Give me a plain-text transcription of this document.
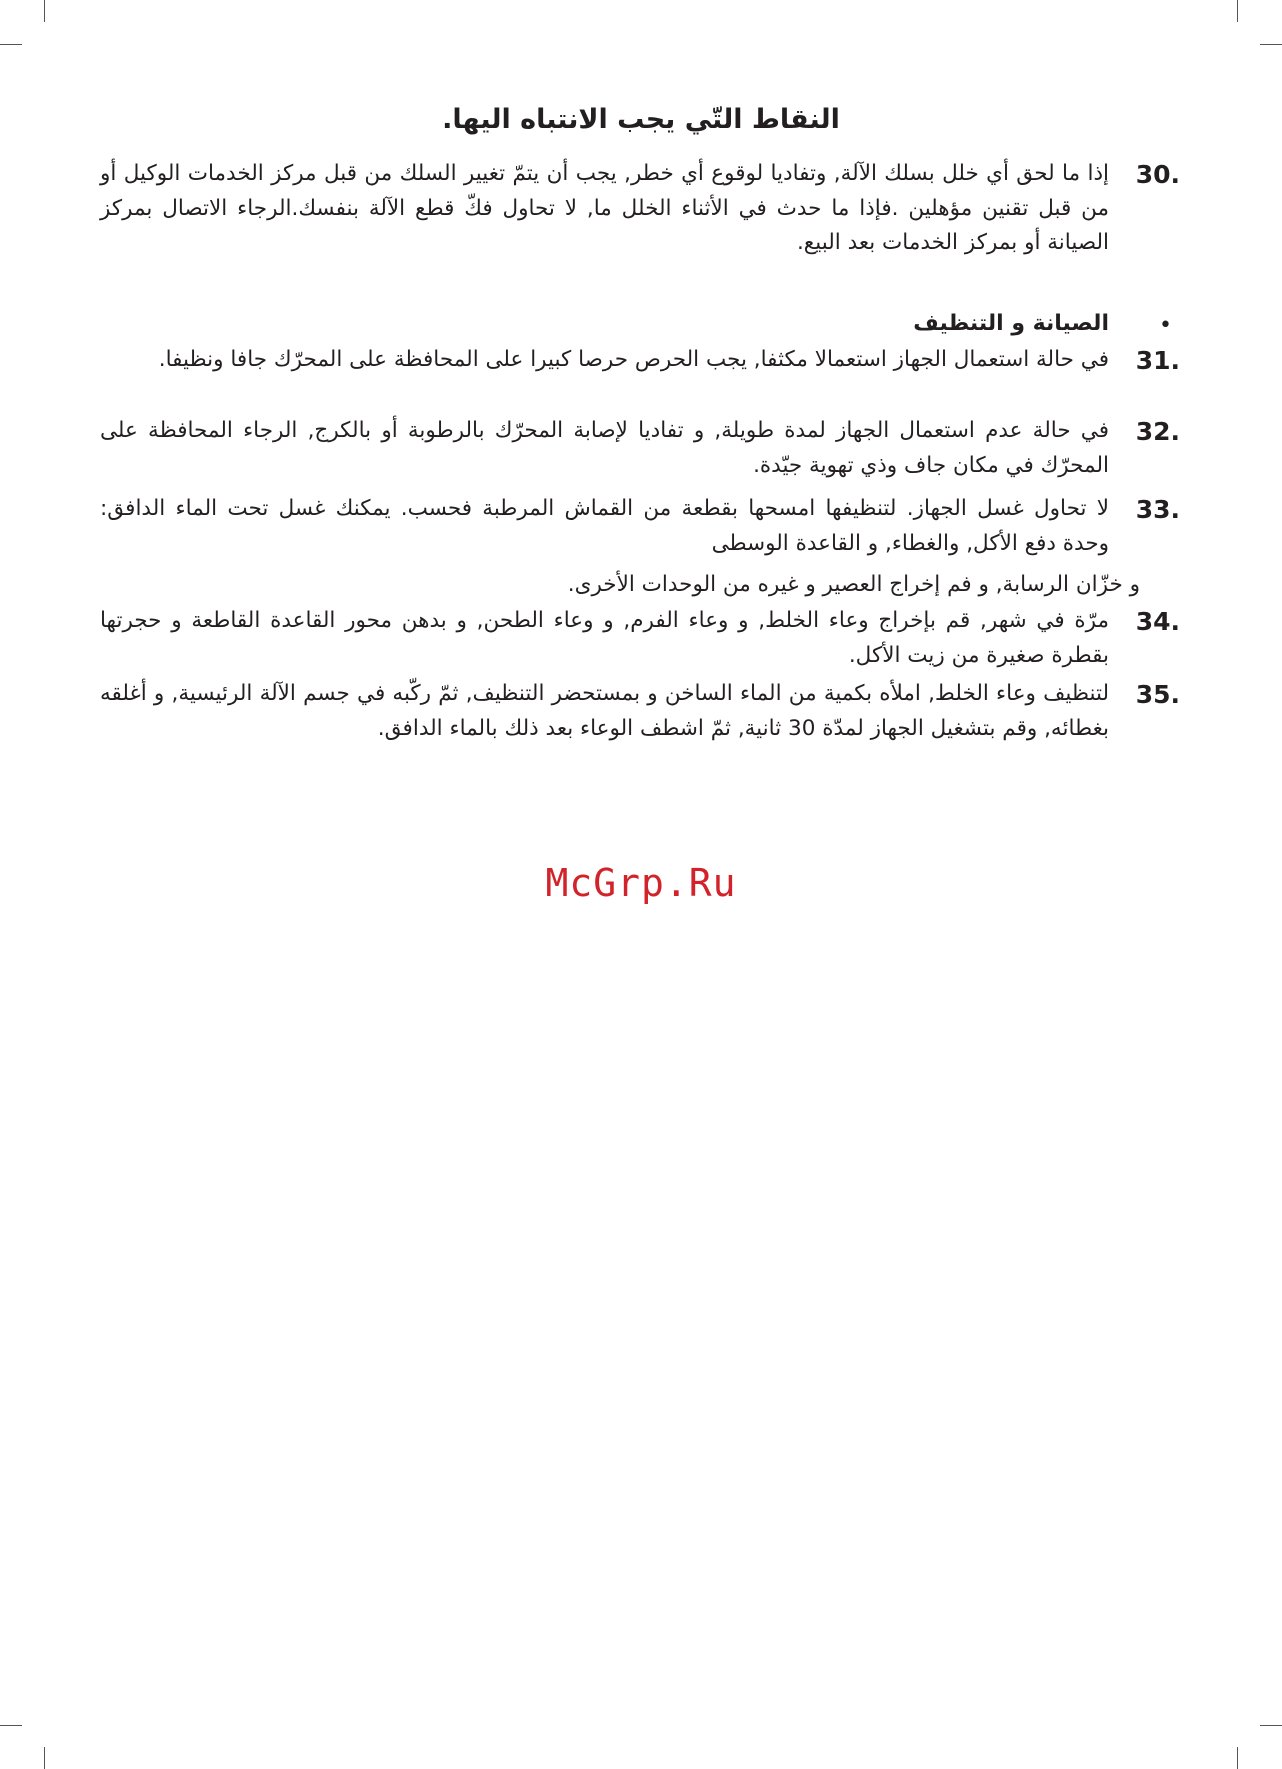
النقاط التّي يجب الانتباه اليها.
30.
إذا ما لحق أي خلل بسلك الآلة, وتفاديا لوقوع أي خطر, يجب أن يتمّ تغيير السلك من قبل مركز الخدمات الوكيل أو من قبل تقنين مؤهلين .فإذا ما حدث في الأثناء الخلل ما, لا تحاول فكّ قطع الآلة بنفسك.الرجاء الاتصال بمركز الصيانة أو بمركز الخدمات بعد البيع.
•
الصيانة و التنظيف
31.
في حالة استعمال الجهاز استعمالا مكثفا, يجب الحرص حرصا كبيرا على المحافظة على المحرّك جافا ونظيفا.
32.
في حالة عدم استعمال الجهاز لمدة طويلة, و تفاديا لإصابة المحرّك بالرطوبة أو بالكرج, الرجاء المحافظة على المحرّك في مكان جاف وذي تهوية جيّدة.
33.
لا تحاول غسل الجهاز. لتنظيفها امسحها بقطعة من القماش المرطبة فحسب. يمكنك غسل تحت الماء الدافق: وحدة دفع الأكل, والغطاء, و القاعدة الوسطى
و خزّان الرسابة, و فم إخراج العصير و غيره من الوحدات الأخرى.
34.
مرّة في شهر, قم بإخراج وعاء الخلط, و وعاء الفرم, و وعاء الطحن, و بدهن محور القاعدة القاطعة و حجرتها بقطرة صغيرة من زيت الأكل.
35.
لتنظيف وعاء الخلط, املأه بكمية من الماء الساخن و بمستحضر التنظيف, ثمّ ركّبه في جسم الآلة الرئيسية, و أغلقه بغطائه, وقم بتشغيل الجهاز لمدّة 30 ثانية, ثمّ اشطف الوعاء بعد ذلك بالماء الدافق.
McGrp.Ru
